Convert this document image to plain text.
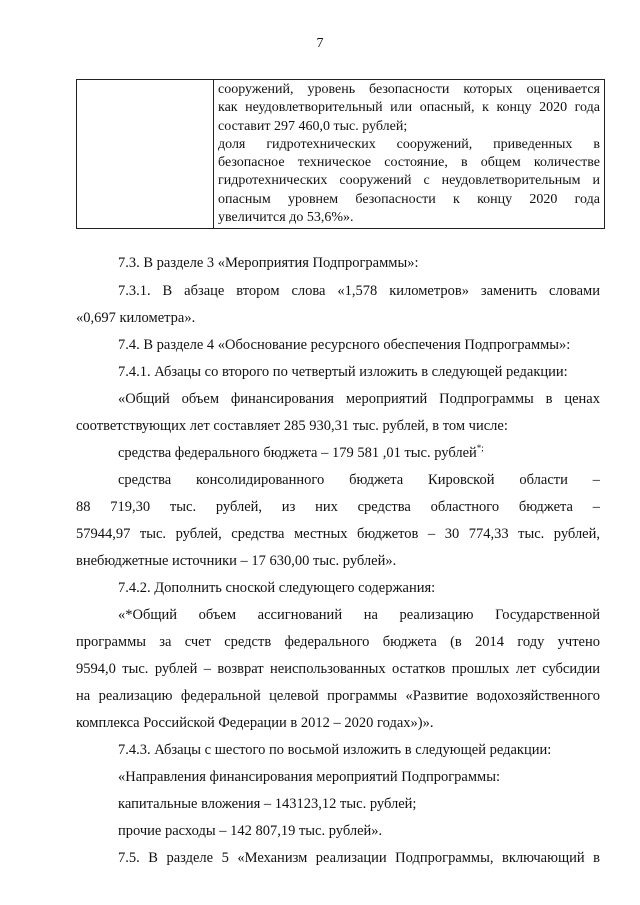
7

сооружений, уровень безопасности которых оценивается
как неудовлетворительный или опасный, к концу 2020 года
составит 297 460,0 тыс. рублей;
доля гидротехнических сооружений, приведенных в
безопасное техническое состояние, в общем количестве
гидротехнических сооружений с неудовлетворительным и
опасным уровнем безопасности к концу 2020 года
увеличится до 53,6%».
7.3. В разделе 3 «Мероприятия Подпрограммы»:
7.3.1. В абзаце втором слова «1,578 километров» заменить словами
«0,697 километра».
7.4. В разделе 4 «Обоснование ресурсного обеспечения Подпрограммы»:
7.4.1. Абзацы со второго по четвертый изложить в следующей редакции:
«Общий объем финансирования мероприятий Подпрограммы в ценах
соответствующих лет составляет 285 930,31 тыс. рублей, в том числе:
средства федерального бюджета – 179 581 ,01 тыс. рублей*;
средства консолидированного бюджета Кировской области –
88 719,30 тыс. рублей, из них средства областного бюджета –
57944,97 тыс. рублей, средства местных бюджетов – 30 774,33 тыс. рублей,
внебюджетные источники – 17 630,00 тыс. рублей».
7.4.2. Дополнить сноской следующего содержания:
«*Общий объем ассигнований на реализацию Государственной
программы за счет средств федерального бюджета (в 2014 году учтено
9594,0 тыс. рублей – возврат неиспользованных остатков прошлых лет субсидии
на реализацию федеральной целевой программы «Развитие водохозяйственного
комплекса Российской Федерации в 2012 – 2020 годах»)».
7.4.3. Абзацы с шестого по восьмой изложить в следующей редакции:
«Направления финансирования мероприятий Подпрограммы:
капитальные вложения – 143123,12 тыс. рублей;
прочие расходы – 142 807,19 тыс. рублей».
7.5. В разделе 5 «Механизм реализации Подпрограммы, включающий в
